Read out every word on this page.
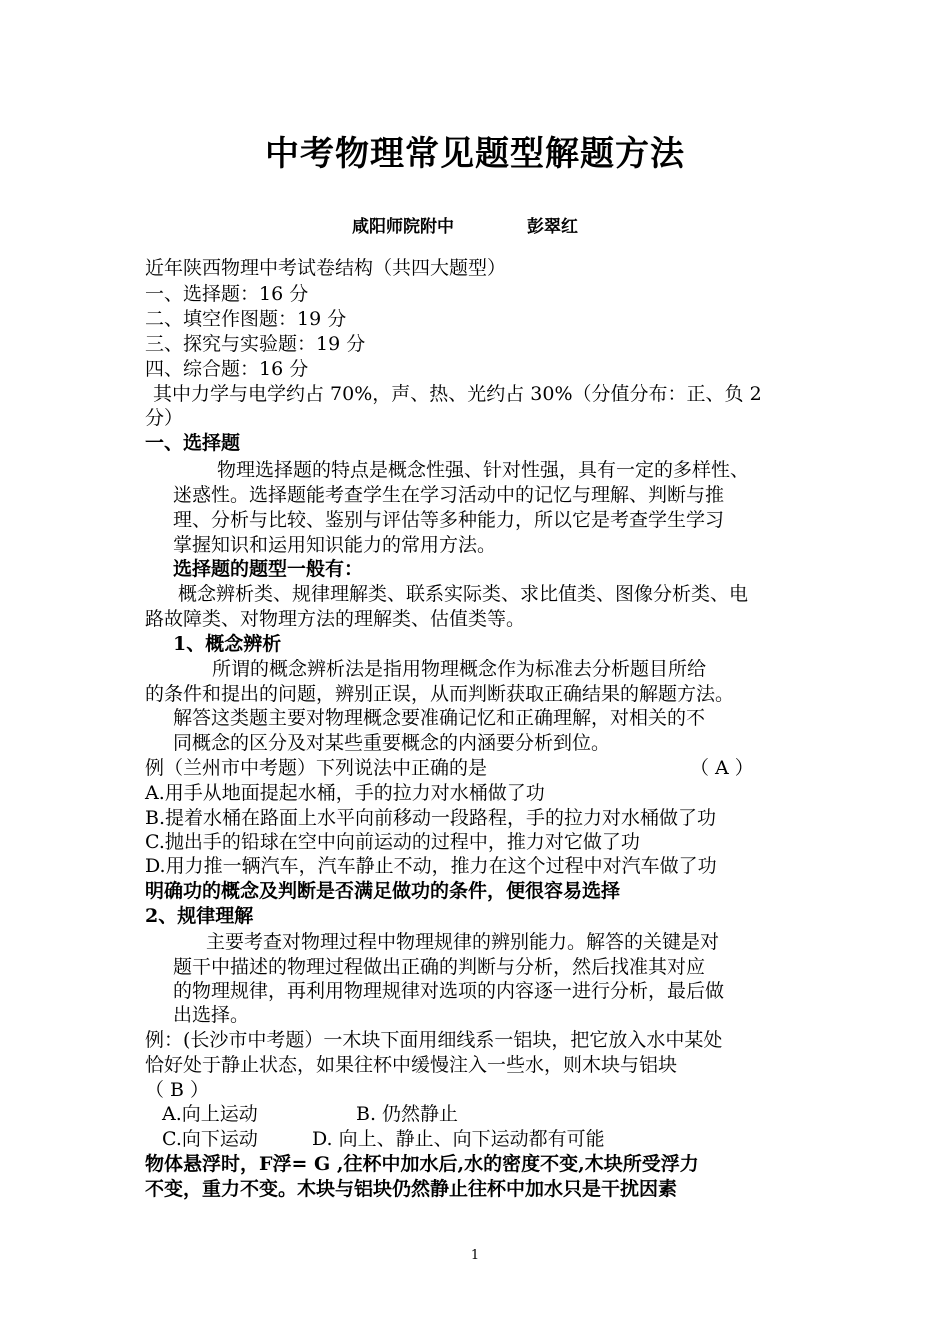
中考物理常见题型解题方法
咸阳师院附中	彭翠红
近年陕西物理中考试卷结构（共四大题型）
一、选择题：16 分
二、填空作图题：19 分
三、探究与实验题：19 分
四、综合题：16 分
其中力学与电学约占 70%，声、热、光约占 30%（分值分布：正、负 2
分）
一、选择题
物理选择题的特点是概念性强、针对性强，具有一定的多样性、
迷惑性。选择题能考查学生在学习活动中的记忆与理解、判断与推
理、分析与比较、鉴别与评估等多种能力，所以它是考查学生学习
掌握知识和运用知识能力的常用方法。
选择题的题型一般有：
概念辨析类、规律理解类、联系实际类、求比值类、图像分析类、电
路故障类、对物理方法的理解类、估值类等。
1、概念辨析
所谓的概念辨析法是指用物理概念作为标准去分析题目所给
的条件和提出的问题，辨别正误，从而判断获取正确结果的解题方法。
解答这类题主要对物理概念要准确记忆和正确理解，对相关的不
同概念的区分及对某些重要概念的内涵要分析到位。
例（兰州市中考题）下列说法中正确的是	（ A ）
A.用手从地面提起水桶，手的拉力对水桶做了功
B.提着水桶在路面上水平向前移动一段路程，手的拉力对水桶做了功
C.抛出手的铅球在空中向前运动的过程中，推力对它做了功
D.用力推一辆汽车，汽车静止不动，推力在这个过程中对汽车做了功
明确功的概念及判断是否满足做功的条件，便很容易选择
2、规律理解
主要考查对物理过程中物理规律的辨别能力。解答的关键是对
题干中描述的物理过程做出正确的判断与分析，然后找准其对应
的物理规律，再利用物理规律对选项的内容逐一进行分析，最后做
出选择。
例：(长沙市中考题）一木块下面用细线系一铝块，把它放入水中某处
恰好处于静止状态，如果往杯中缓慢注入一些水，则木块与铝块
（ B ）
A.向上运动	B. 仍然静止
C.向下运动	D. 向上、静止、向下运动都有可能
物体悬浮时，F浮= G ,往杯中加水后,水的密度不变,木块所受浮力
不变，重力不变。木块与铝块仍然静止往杯中加水只是干扰因素
1
